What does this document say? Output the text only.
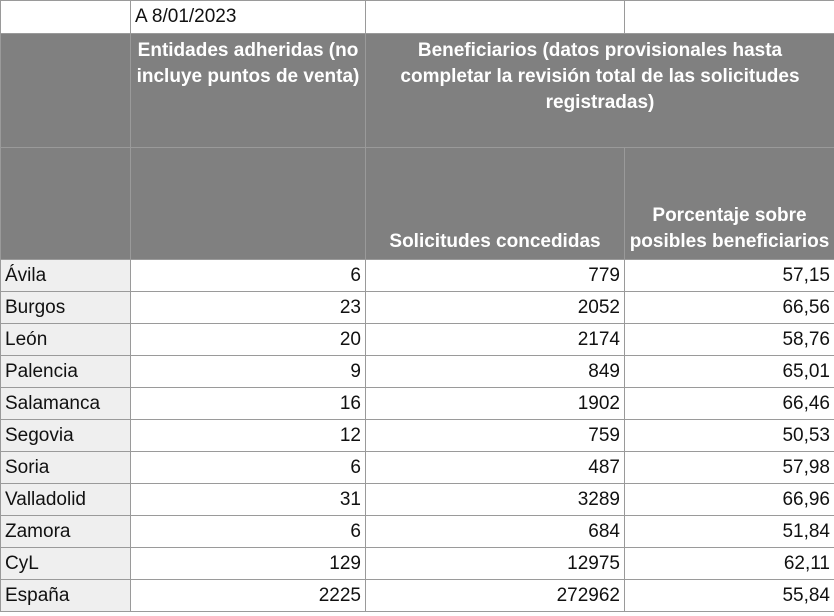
	A 8/01/2023		
	Entidades adheridas (no incluye puntos de venta)	Beneficiarios (datos provisionales hasta completar la revisión total de las solicitudes registradas)	
		Solicitudes concedidas	Porcentaje sobre posibles beneficiarios
Ávila	6	779	57,15
Burgos	23	2052	66,56
León	20	2174	58,76
Palencia	9	849	65,01
Salamanca	16	1902	66,46
Segovia	12	759	50,53
Soria	6	487	57,98
Valladolid	31	3289	66,96
Zamora	6	684	51,84
CyL	129	12975	62,11
España	2225	272962	55,84
